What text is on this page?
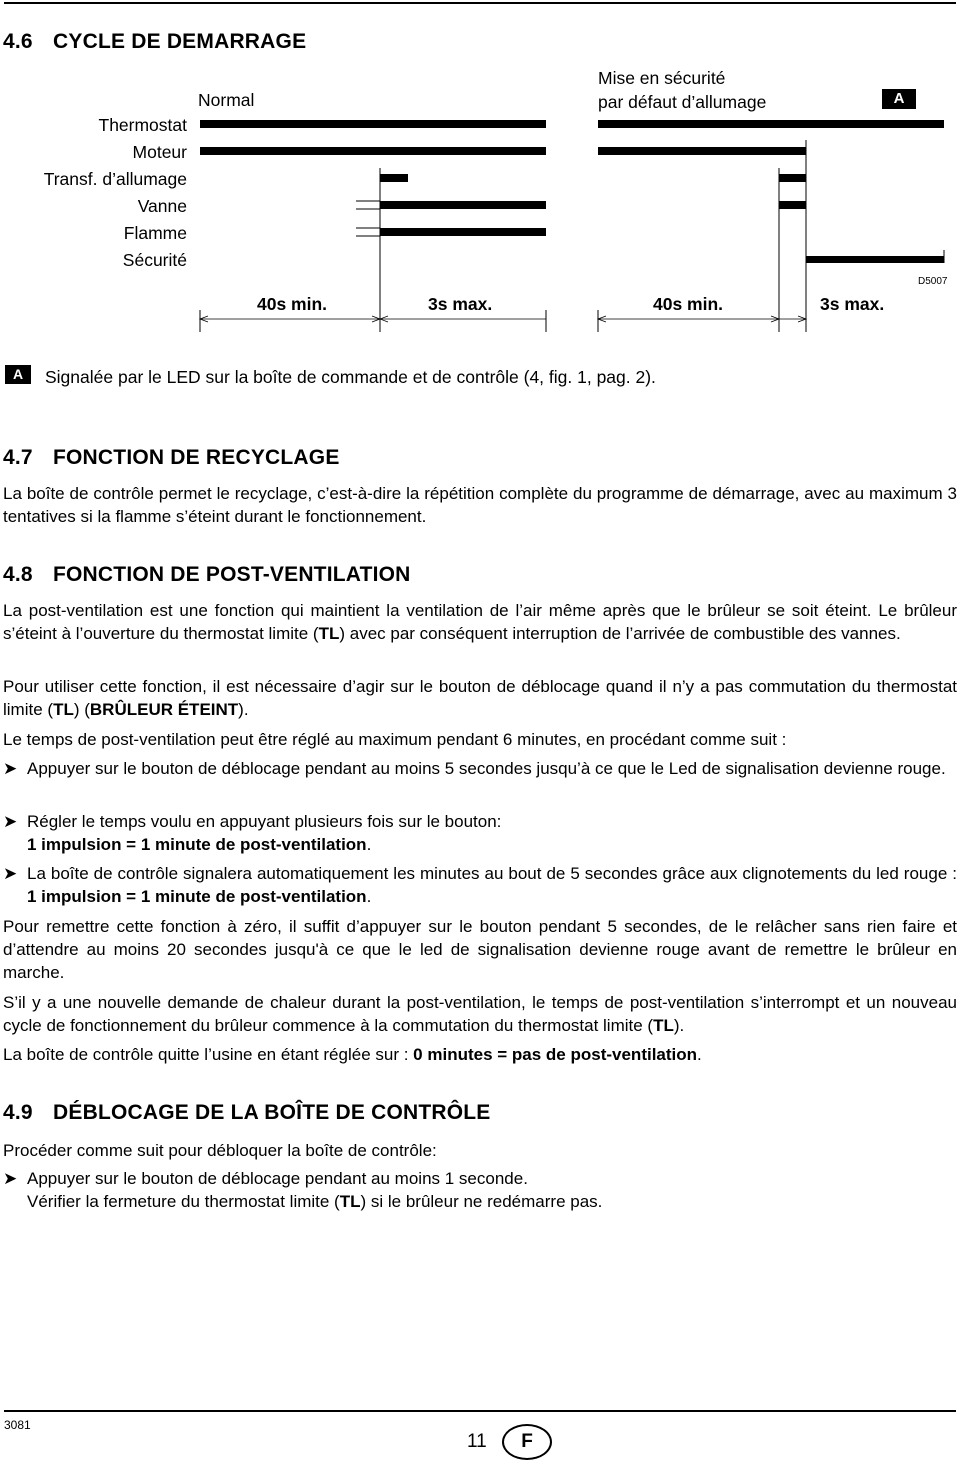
4.6 CYCLE DE DEMARRAGE
Normal
Mise en sécurité
par défaut d’allumage	A
Thermostat
Moteur
Transf. d’allumage
Vanne
Flamme
Sécurité
40s min.	3s max.	40s min.	3s max.
D5007
A	Signalée par le LED sur la boîte de commande et de contrôle (4, fig. 1, pag. 2).
4.7 FONCTION DE RECYCLAGE

La boîte de contrôle permet le recyclage, c’est-à-dire la répétition complète du programme de démarrage, avec au maximum 3 tentatives si la flamme s’éteint durant le fonctionnement.

4.8 FONCTION DE POST-VENTILATION

La post-ventilation est une fonction qui maintient la ventilation de l’air même après que le brûleur se soit éteint. Le brûleur s’éteint à l’ouverture du thermostat limite (TL) avec par conséquent interruption de l’arrivée de combustible des vannes.

Pour utiliser cette fonction, il est nécessaire d’agir sur le bouton de déblocage quand il n’y a pas commutation du thermostat limite (TL) (BRÛLEUR ÉTEINT).

Le temps de post-ventilation peut être réglé au maximum pendant 6 minutes, en procédant comme suit :

➤ Appuyer sur le bouton de déblocage pendant au moins 5 secondes jusqu’à ce que le Led de signalisation devienne rouge.
➤ Régler le temps voulu en appuyant plusieurs fois sur le bouton:
1 impulsion = 1 minute de post-ventilation.
➤ La boîte de contrôle signalera automatiquement les minutes au bout de 5 secondes grâce aux clignotements du led rouge : 1 impulsion = 1 minute de post-ventilation.

Pour remettre cette fonction à zéro, il suffit d’appuyer sur le bouton pendant 5 secondes, de le relâcher sans rien faire et d’attendre au moins 20 secondes jusqu'à ce que le led de signalisation devienne rouge avant de remettre le brûleur en marche.

S’il y a une nouvelle demande de chaleur durant la post-ventilation, le temps de post-ventilation s’interrompt et un nouveau cycle de fonctionnement du brûleur commence à la commutation du thermostat limite (TL).

La boîte de contrôle quitte l’usine en étant réglée sur : 0 minutes = pas de post-ventilation.

4.9 DÉBLOCAGE DE LA BOÎTE DE CONTRÔLE

Procéder comme suit pour débloquer la boîte de contrôle:

➤ Appuyer sur le bouton de déblocage pendant au moins 1 seconde.
Vérifier la fermeture du thermostat limite (TL) si le brûleur ne redémarre pas.
3081
11	F
